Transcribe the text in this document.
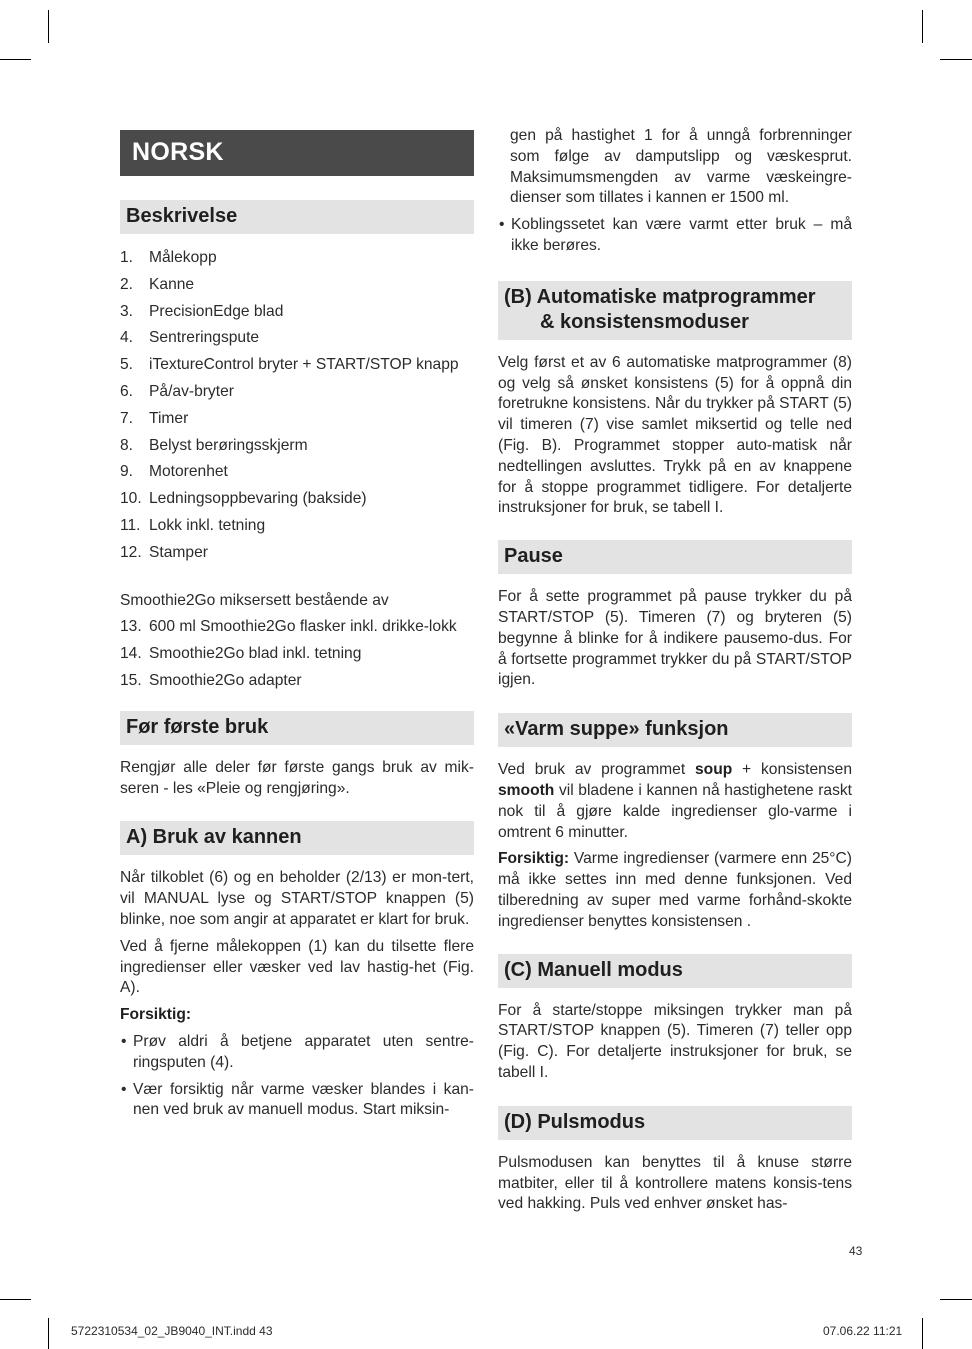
NORSK
Beskrivelse
1.	Målekopp
2.	Kanne
3.	PrecisionEdge blad
4.	Sentreringspute
5.	iTextureControl bryter + START/STOP knapp
6.	På/av-bryter
7.	Timer
8.	Belyst berøringsskjerm
9.	Motorenhet
10. Ledningsoppbevaring (bakside)
11. Lokk inkl. tetning
12. Stamper

Smoothie2Go miksersett bestående av

13. 600 ml Smoothie2Go flasker inkl. drikke-lokk
14. Smoothie2Go blad inkl. tetning
15. Smoothie2Go adapter
Før første bruk

Rengjør alle deler før første gangs bruk av mik-seren - les «Pleie og rengjøring».

A) Bruk av kannen

Når tilkoblet (6) og en beholder (2/13) er mon-tert, vil MANUAL lyse og START/STOP knappen (5) blinke, noe som angir at apparatet er klart for bruk.

Ved å fjerne målekoppen (1) kan du tilsette flere ingredienser eller væsker ved lav hastig-het (Fig. A).

Forsiktig:

• Prøv aldri å betjene apparatet uten sentre-ringsputen (4).
• Vær forsiktig når varme væsker blandes i kan-nen ved bruk av manuell modus. Start miksin-

gen på hastighet 1 for å unngå forbrenninger som følge av damputslipp og væskesprut. Maksimumsmengden av varme væskeingre-dienser som tillates i kannen er 1500 ml.

• Koblingssetet kan være varmt etter bruk – må ikke berøres.
(B) Automatiske matprogrammer
& konsistensmoduser

Velg først et av 6 automatiske matprogrammer (8) og velg så ønsket konsistens (5) for å oppnå din foretrukne konsistens. Når du trykker på START (5) vil timeren (7) vise samlet miksertid og telle ned (Fig. B). Programmet stopper auto-matisk når nedtellingen avsluttes. Trykk på en av knappene for å stoppe programmet tidligere. For detaljerte instruksjoner for bruk, se tabell I.

Pause

For å sette programmet på pause trykker du på START/STOP (5). Timeren (7) og bryteren (5) begynne å blinke for å indikere pausemo-dus. For å fortsette programmet trykker du på START/STOP igjen.

«Varm suppe» funksjon

Ved bruk av programmet soup + konsistensen smooth vil bladene i kannen nå hastighetene raskt nok til å gjøre kalde ingredienser glo-varme i omtrent 6 minutter.

Forsiktig: Varme ingredienser (varmere enn 25°C) må ikke settes inn med denne funksjonen. Ved tilberedning av super med varme forhånd-skokte ingredienser benyttes konsistensen .

(C) Manuell modus

For å starte/stoppe miksingen trykker man på START/STOP knappen (5). Timeren (7) teller opp (Fig. C). For detaljerte instruksjoner for bruk, se tabell I.

(D) Pulsmodus

Pulsmodusen kan benyttes til å knuse større matbiter, eller til å kontrollere matens konsis-tens ved hakking. Puls ved enhver ønsket has-

43
5722310534_02_JB9040_INT.indd 43	07.06.22 11:21
